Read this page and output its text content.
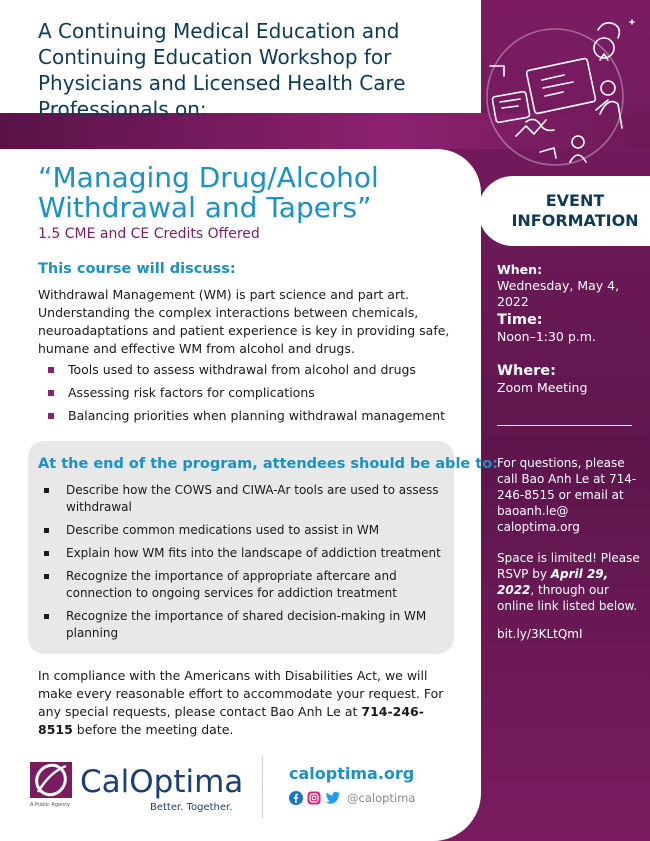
A Continuing Medical Education and Continuing Education Workshop for Physicians and Licensed Health Care Professionals on:
EVENT
INFORMATION
When:
Wednesday, May 4, 2022
Time:
Noon–1:30 p.m.
Where:
Zoom Meeting
For questions, please call Bao Anh Le at 714-246-8515 or email at baoanh.le@ caloptima.org
Space is limited! Please RSVP by April 29, 2022, through our online link listed below.
bit.ly/3KLtQmI
“Managing Drug/Alcohol Withdrawal and Tapers”
1.5 CME and CE Credits Offered
This course will discuss:
Withdrawal Management (WM) is part science and part art. Understanding the complex interactions between chemicals, neuroadaptations and patient experience is key in providing safe, humane and effective WM from alcohol and drugs.
Tools used to assess withdrawal from alcohol and drugs
Assessing risk factors for complications
Balancing priorities when planning withdrawal management
At the end of the program, attendees should be able to:
Describe how the COWS and CIWA-Ar tools are used to assess withdrawal
Describe common medications used to assist in WM
Explain how WM fits into the landscape of addiction treatment
Recognize the importance of appropriate aftercare and connection to ongoing services for addiction treatment
Recognize the importance of shared decision-making in WM planning
In compliance with the Americans with Disabilities Act, we will make every reasonable effort to accommodate your request. For any special requests, please contact Bao Anh Le at 714-246-8515 before the meeting date.
CalOptima
Better. Together.
A Public Agency
caloptima.org
@caloptima
